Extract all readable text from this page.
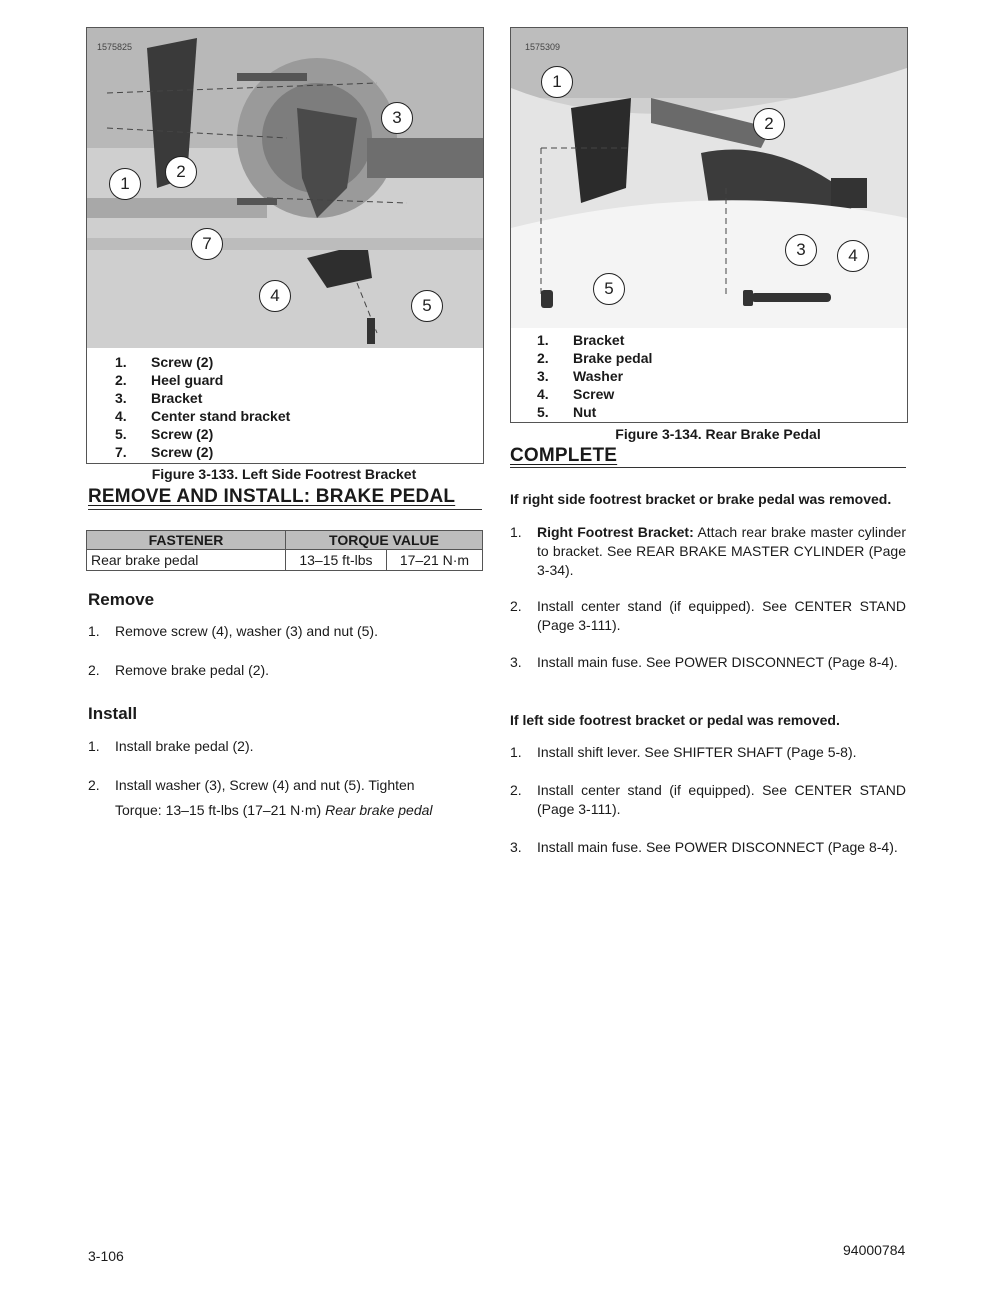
1575825
1
2
3
7
4
5
1.	Screw (2)
2.	Heel guard
3.	Bracket
4.	Center stand bracket
5.	Screw (2)
7.	Screw (2)
Figure 3-133. Left Side Footrest Bracket
REMOVE AND INSTALL: BRAKE PEDAL
FASTENER	TORQUE VALUE	
Rear brake pedal	13–15 ft-lbs	17–21 N·m
Remove
1. Remove screw (4), washer (3) and nut (5).
2. Remove brake pedal (2).
Install
1. Install brake pedal (2).
2. Install washer (3), Screw (4) and nut (5). Tighten
Torque: 13–15 ft-lbs (17–21 N·m) Rear brake pedal
1575309
1
2
3	4
5
1.	Bracket
2.	Brake pedal
3.	Washer
4.	Screw
5.	Nut
Figure 3-134. Rear Brake Pedal
COMPLETE
If right side footrest bracket or brake pedal was removed.
1. Right Footrest Bracket: Attach rear brake master cylinder to bracket. See REAR BRAKE MASTER CYLINDER (Page 3-34).
2. Install center stand (if equipped). See CENTER STAND (Page 3-111).
3. Install main fuse. See POWER DISCONNECT (Page 8-4).
If left side footrest bracket or pedal was removed.
1. Install shift lever. See SHIFTER SHAFT (Page 5-8).
2. Install center stand (if equipped). See CENTER STAND (Page 3-111).
3. Install main fuse. See POWER DISCONNECT (Page 8-4).
3-106	94000784
